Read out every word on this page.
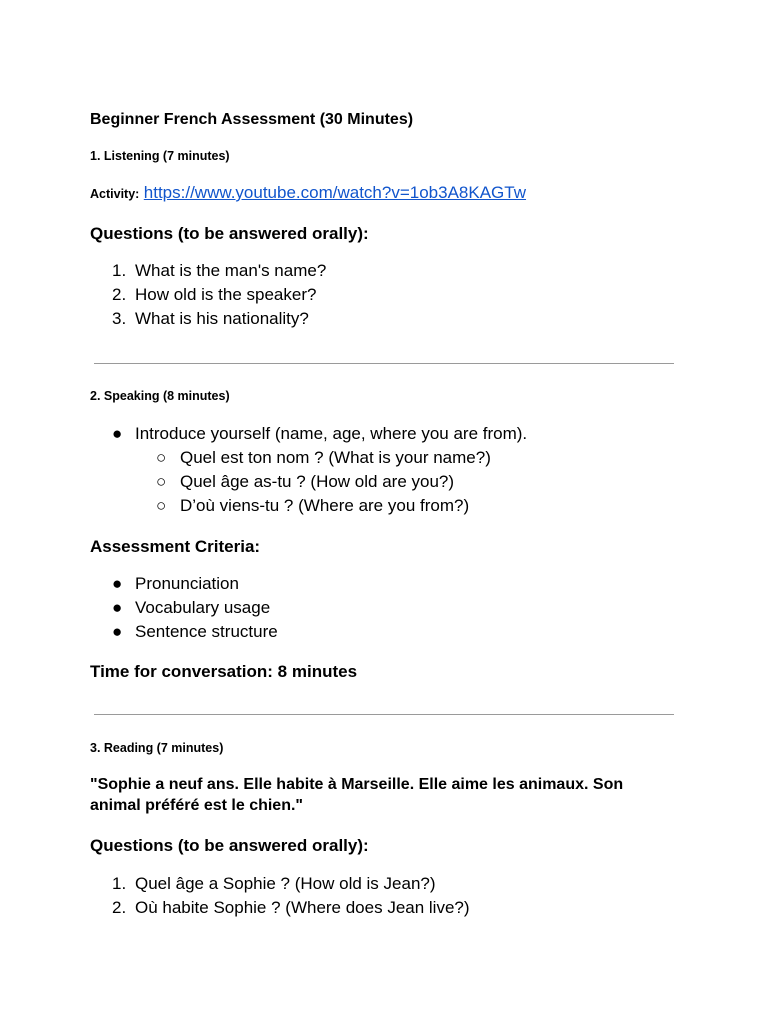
Beginner French Assessment (30 Minutes)
1. Listening (7 minutes)
Activity: https://www.youtube.com/watch?v=1ob3A8KAGTw
Questions (to be answered orally):
1. What is the man's name?
2. How old is the speaker?
3. What is his nationality?
2. Speaking (8 minutes)
● Introduce yourself (name, age, where you are from).
○ Quel est ton nom ? (What is your name?)
○ Quel âge as-tu ? (How old are you?)
○ D’où viens-tu ? (Where are you from?)
Assessment Criteria:
● Pronunciation
● Vocabulary usage
● Sentence structure
Time for conversation: 8 minutes
3. Reading (7 minutes)
"Sophie a neuf ans. Elle habite à Marseille. Elle aime les animaux. Son animal préféré est le chien."
Questions (to be answered orally):
1. Quel âge a Sophie ? (How old is Jean?)
2. Où habite Sophie ? (Where does Jean live?)
